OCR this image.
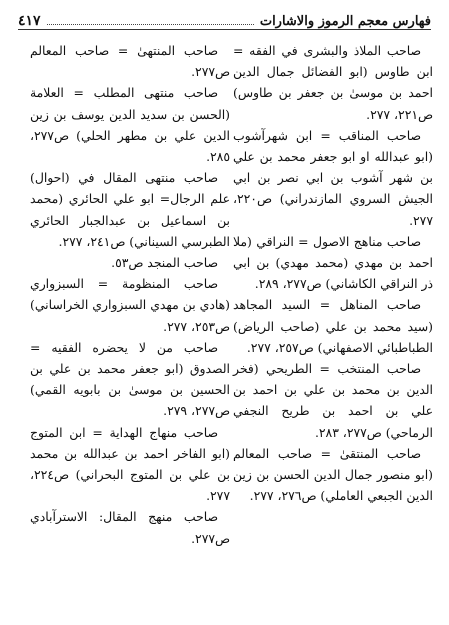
فهارس معجم الرموز والاشارات
٤١٧

صاحب الملاذ والبشرى في الفقه = ابن طاوس (ابو الفضائل جمال الدين احمد بن موسىٰ بن جعفر بن طاوس) ص٢٢١، ٢٧٧.

صاحب المناقب = ابن شهرآشوب (ابو عبدالله او ابو جعفر محمد بن علي بن شهر آشوب بن ابي نصر بن ابي الجيش السروي المازندراني) ص٢٢٠، ٢٧٧.

صاحب مناهج الاصول = النراقي (ملا احمد بن مهدي (محمد مهدي) بن ابي ذر النراقي الكاشاني) ص٢٧٧، ٢٨٩.

صاحب المناهل = السيد المجاهد (سيد محمد بن علي (صاحب الرياض) الطباطبائي الاصفهاني) ص٢٥٧، ٢٧٧.

صاحب المنتخب = الطريحي (فخر الدين بن محمد بن علي بن احمد بن علي بن احمد بن طريح النجفي الرماحي) ص٢٧٧، ٢٨٣.

صاحب المنتقىٰ = صاحب المعالم (ابو منصور جمال الدين الحسن بن زين الدين الجبعي العاملي) ص٢٧٦، ٢٧٧.

صاحب المنتهىٰ = صاحب المعالم ص٢٧٧.

صاحب منتهى المطلب = العلامة (الحسن بن سديد الدين يوسف بن زين الدين علي بن مطهر الحلي) ص٢٧٧، ٢٨٥.

صاحب منتهى المقال في (احوال) علم الرجال= ابو علي الحائري (محمد بن اسماعيل بن عبدالجبار الحائري الطبرسي السيناني) ص٢٤١، ٢٧٧.

صاحب المنجد ص٥٣.

صاحب المنظومة = السبزواري (هادي بن مهدي السبزواري الخراساني) ص٢٥٣، ٢٧٧.

صاحب من لا يحضره الفقيه = الصدوق (ابو جعفر محمد بن علي بن الحسين بن موسىٰ بن بابويه القمي) ص٢٧٧، ٢٧٩.

صاحب منهاج الهداية = ابن المتوج (ابو الفاخر احمد بن عبدالله بن محمد بن علي بن المتوج البحراني) ص٢٢٤، ٢٧٧.

صاحب منهج المقال: الاسترآبادي ص٢٧٧.
